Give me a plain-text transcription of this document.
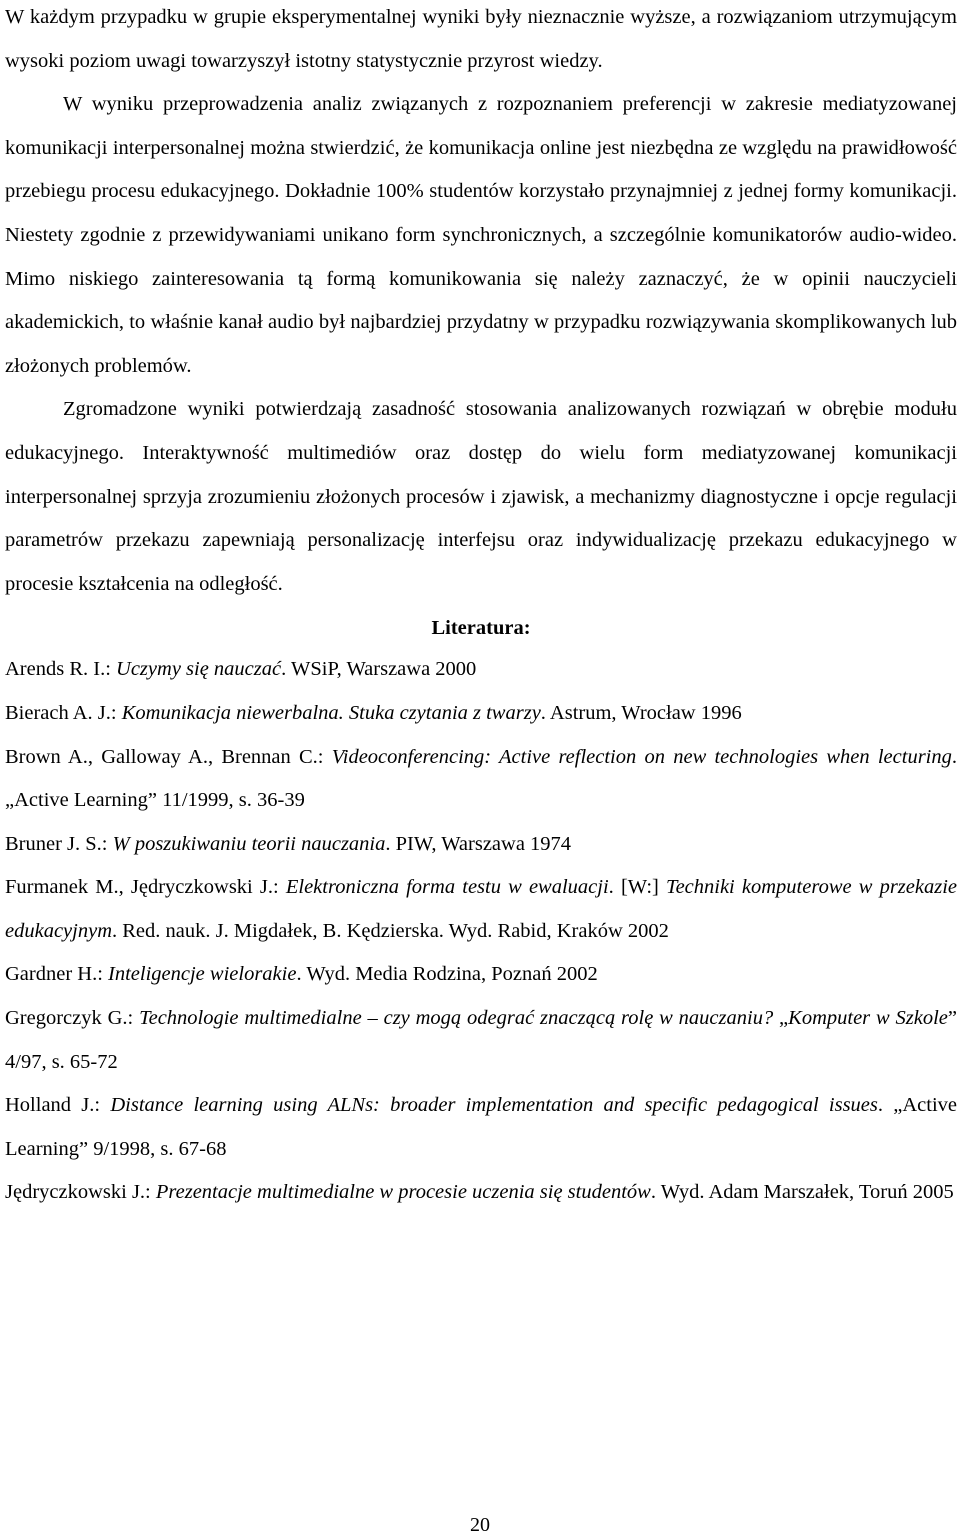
W każdym przypadku w grupie eksperymentalnej wyniki były nieznacznie wyższe, a rozwiązaniom utrzymującym wysoki poziom uwagi towarzyszył istotny statystycznie przyrost wiedzy.

W wyniku przeprowadzenia analiz związanych z rozpoznaniem preferencji w zakresie mediatyzowanej komunikacji interpersonalnej można stwierdzić, że komunikacja online jest niezbędna ze względu na prawidłowość przebiegu procesu edukacyjnego. Dokładnie 100% studentów korzystało przynajmniej z jednej formy komunikacji. Niestety zgodnie z przewidywaniami unikano form synchronicznych, a szczególnie komunikatorów audio-wideo. Mimo niskiego zainteresowania tą formą komunikowania się należy zaznaczyć, że w opinii nauczycieli akademickich, to właśnie kanał audio był najbardziej przydatny w przypadku rozwiązywania skomplikowanych lub złożonych problemów.

Zgromadzone wyniki potwierdzają zasadność stosowania analizowanych rozwiązań w obrębie modułu edukacyjnego. Interaktywność multimediów oraz dostęp do wielu form mediatyzowanej komunikacji interpersonalnej sprzyja zrozumieniu złożonych procesów i zjawisk, a mechanizmy diagnostyczne i opcje regulacji parametrów przekazu zapewniają personalizację interfejsu oraz indywidualizację przekazu edukacyjnego w procesie kształcenia na odległość.

Literatura:

Arends R. I.: Uczymy się nauczać. WSiP, Warszawa 2000

Bierach A. J.: Komunikacja niewerbalna. Stuka czytania z twarzy. Astrum, Wrocław 1996

Brown A., Galloway A., Brennan C.: Videoconferencing: Active reflection on new technologies when lecturing. „Active Learning” 11/1999, s. 36-39

Bruner J. S.: W poszukiwaniu teorii nauczania. PIW, Warszawa 1974

Furmanek M., Jędryczkowski J.: Elektroniczna forma testu w ewaluacji. [W:] Techniki komputerowe w przekazie edukacyjnym. Red. nauk. J. Migdałek, B. Kędzierska. Wyd. Rabid, Kraków 2002

Gardner H.: Inteligencje wielorakie. Wyd. Media Rodzina, Poznań 2002

Gregorczyk G.: Technologie multimedialne – czy mogą odegrać znaczącą rolę w nauczaniu? „Komputer w Szkole” 4/97, s. 65-72

Holland J.: Distance learning using ALNs: broader implementation and specific pedagogical issues. „Active Learning” 9/1998, s. 67-68

Jędryczkowski J.: Prezentacje multimedialne w procesie uczenia się studentów. Wyd. Adam Marszałek, Toruń 2005

20
